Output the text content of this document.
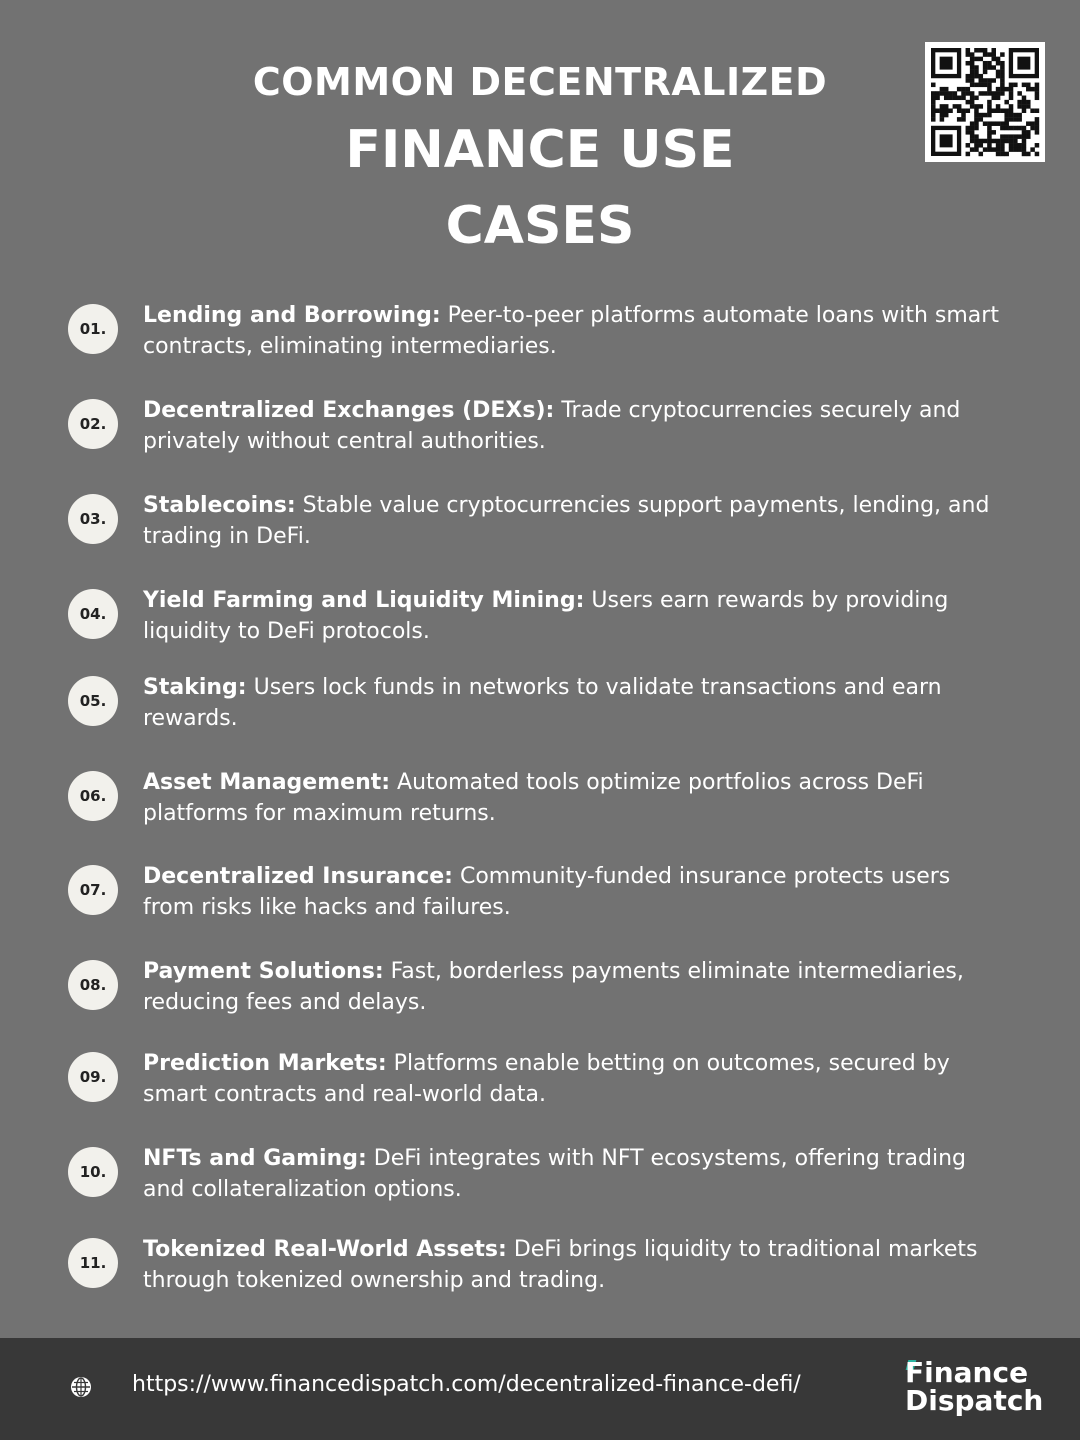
COMMON DECENTRALIZED
FINANCE USE
CASES
01.
Lending and Borrowing: Peer-to-peer platforms automate loans with smart contracts, eliminating intermediaries.
02.
Decentralized Exchanges (DEXs): Trade cryptocurrencies securely and privately without central authorities.
03.
Stablecoins: Stable value cryptocurrencies support payments, lending, and trading in DeFi.
04.
Yield Farming and Liquidity Mining: Users earn rewards by providing liquidity to DeFi protocols.
05.
Staking: Users lock funds in networks to validate transactions and earn rewards.
06.
Asset Management: Automated tools optimize portfolios across DeFi platforms for maximum returns.
07.
Decentralized Insurance: Community-funded insurance protects users from risks like hacks and failures.
08.
Payment Solutions: Fast, borderless payments eliminate intermediaries, reducing fees and delays.
09.
Prediction Markets: Platforms enable betting on outcomes, secured by smart contracts and real-world data.
10.
NFTs and Gaming: DeFi integrates with NFT ecosystems, offering trading and collateralization options.
11.
Tokenized Real-World Assets: DeFi brings liquidity to traditional markets through tokenized ownership and trading.
https://www.financedispatch.com/decentralized-finance-defi/	Finance
Dispatch
